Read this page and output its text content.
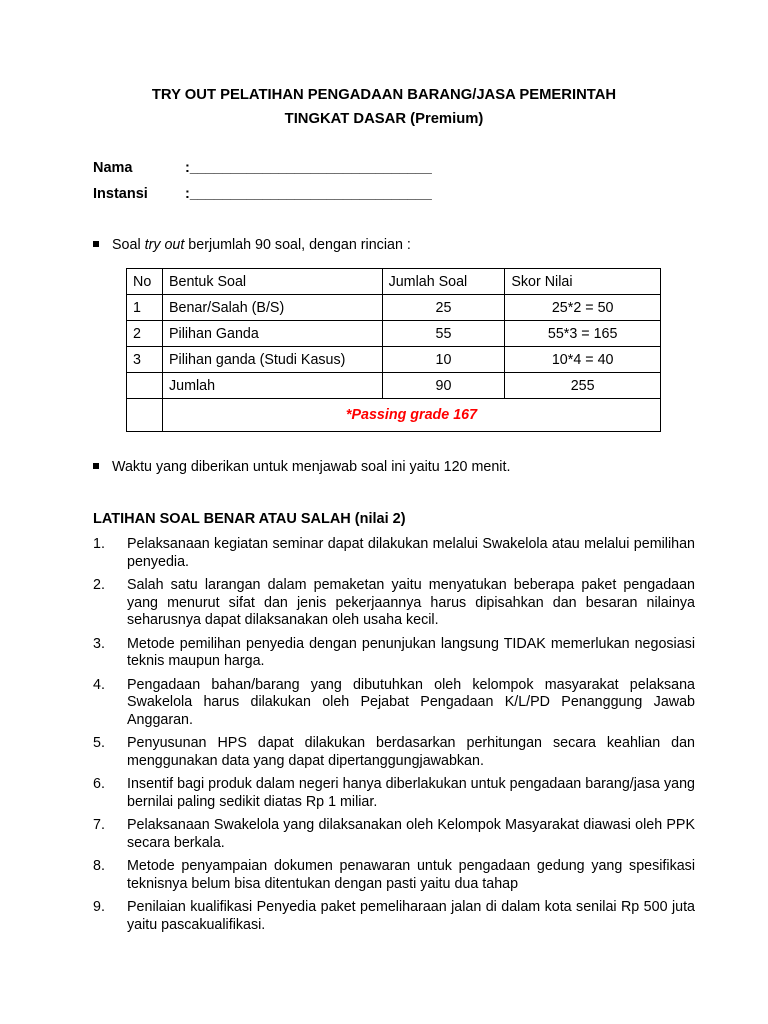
TRY OUT PELATIHAN PENGADAAN BARANG/JASA PEMERINTAH
TINGKAT DASAR (Premium)
Nama	:______________________________
Instansi	:______________________________
Soal try out berjumlah 90 soal, dengan rincian :
No	Bentuk Soal	Jumlah Soal	Skor Nilai
1	Benar/Salah (B/S)	25	25*2 = 50
2	Pilihan Ganda	55	55*3 = 165
3	Pilihan ganda (Studi Kasus)	10	10*4 = 40
	Jumlah	90	255
	*Passing grade 167		
Waktu yang diberikan untuk menjawab soal ini yaitu 120 menit.
LATIHAN SOAL BENAR ATAU SALAH (nilai 2)
1. Pelaksanaan kegiatan seminar dapat dilakukan melalui Swakelola atau melalui pemilihan penyedia.
2. Salah satu larangan dalam pemaketan yaitu menyatukan beberapa paket pengadaan yang menurut sifat dan jenis pekerjaannya harus dipisahkan dan besaran nilainya seharusnya dapat dilaksanakan oleh usaha kecil.
3. Metode pemilihan penyedia dengan penunjukan langsung TIDAK memerlukan negosiasi teknis maupun harga.
4. Pengadaan bahan/barang yang dibutuhkan oleh kelompok masyarakat pelaksana Swakelola harus dilakukan oleh Pejabat Pengadaan K/L/PD Penanggung Jawab Anggaran.
5. Penyusunan HPS dapat dilakukan berdasarkan perhitungan secara keahlian dan menggunakan data yang dapat dipertanggungjawabkan.
6. Insentif bagi produk dalam negeri hanya diberlakukan untuk pengadaan barang/jasa yang bernilai paling sedikit diatas Rp 1 miliar.
7. Pelaksanaan Swakelola yang dilaksanakan oleh Kelompok Masyarakat diawasi oleh PPK secara berkala.
8. Metode penyampaian dokumen penawaran untuk pengadaan gedung yang spesifikasi teknisnya belum bisa ditentukan dengan pasti yaitu dua tahap
9. Penilaian kualifikasi Penyedia paket pemeliharaan jalan di dalam kota senilai Rp 500 juta yaitu pascakualifikasi.
